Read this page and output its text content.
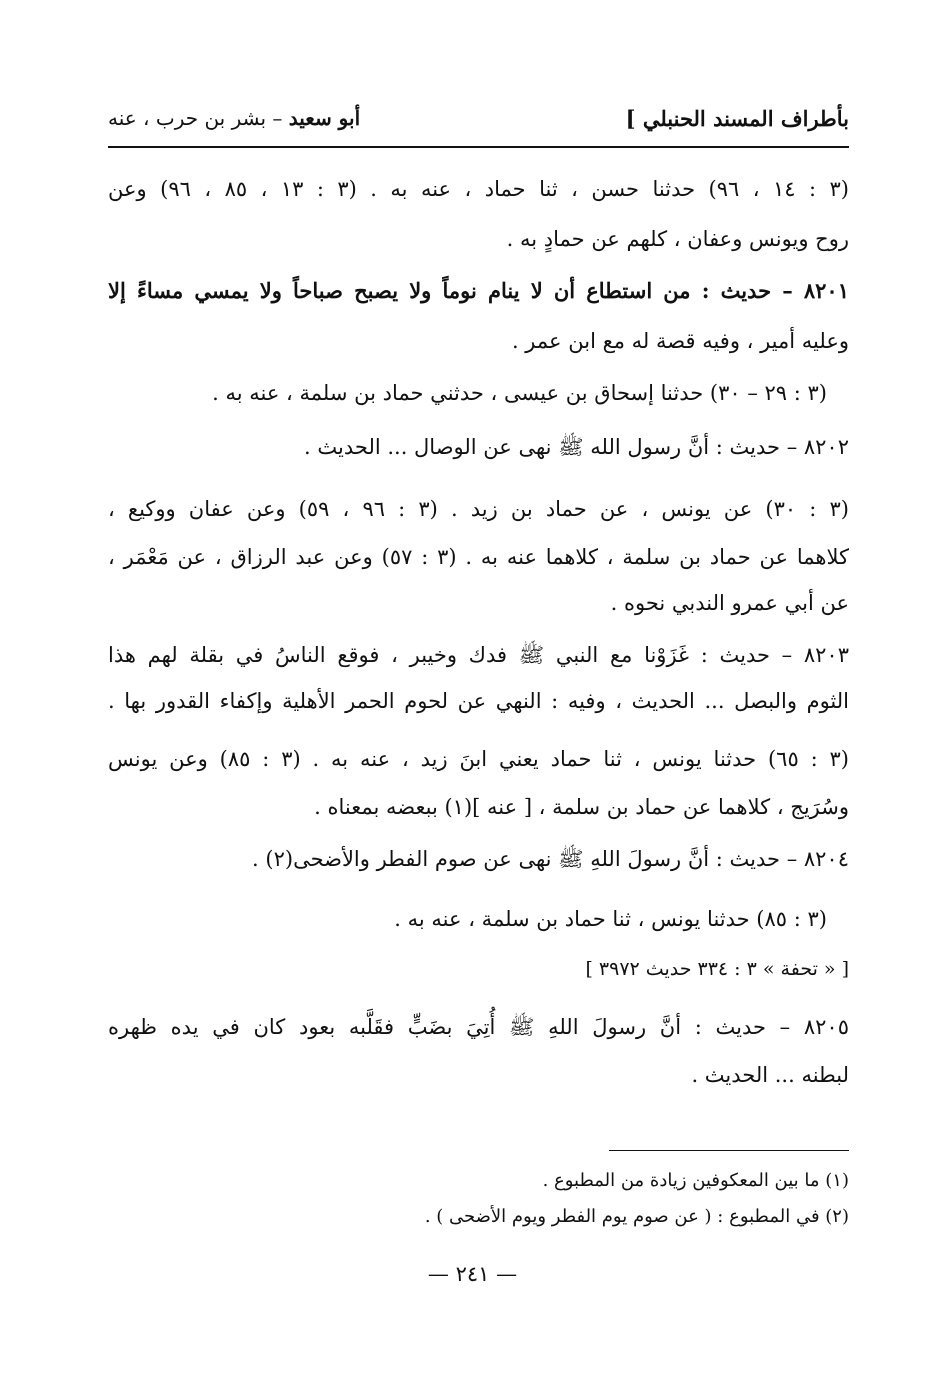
بأطراف المسند الحنبلي ]
أبو سعيد – بشر بن حرب ، عنه
(٣ : ١٤ ، ٩٦) حدثنا حسن ، ثنا حماد ، عنه به . (٣ : ١٣ ، ٨٥ ، ٩٦) وعن
روح ويونس وعفان ، كلهم عن حمادٍ به .
٨٢٠١ – حديث : من استطاع أن لا ينام نوماً ولا يصبح صباحاً ولا يمسي مساءً إلا
وعليه أمير ، وفيه قصة له مع ابن عمر .
(٣ : ٢٩ – ٣٠) حدثنا إسحاق بن عيسى ، حدثني حماد بن سلمة ، عنه به .
٨٢٠٢ – حديث : أنَّ رسول الله ﷺ نهى عن الوصال ... الحديث .
(٣ : ٣٠) عن يونس ، عن حماد بن زيد . (٣ : ٩٦ ، ٥٩) وعن عفان ووكيع ،
كلاهما عن حماد بن سلمة ، كلاهما عنه به . (٣ : ٥٧) وعن عبد الرزاق ، عن مَعْمَر ،
عن أبي عمرو الندبي نحوه .
٨٢٠٣ – حديث : غَزَوْنا مع النبي ﷺ فدك وخيبر ، فوقع الناسُ في بقلة لهم هذا
الثوم والبصل ... الحديث ، وفيه : النهي عن لحوم الحمر الأهلية وإكفاء القدور بها .
(٣ : ٦٥) حدثنا يونس ، ثنا حماد يعني ابنَ زيد ، عنه به . (٣ : ٨٥) وعن يونس
وسُرَيج ، كلاهما عن حماد بن سلمة ، [ عنه ](١) ببعضه بمعناه .
٨٢٠٤ – حديث : أنَّ رسولَ اللهِ ﷺ نهى عن صوم الفطر والأضحى(٢) .
(٣ : ٨٥) حدثنا يونس ، ثنا حماد بن سلمة ، عنه به .
[ « تحفة » ٣ : ٣٣٤ حديث ٣٩٧٢ ]
٨٢٠٥ – حديث : أنَّ رسولَ اللهِ ﷺ أُتِيَ بضَبٍّ فقَلَّبه بعود كان في يده ظهره
لبطنه ... الحديث .
(١) ما بين المعكوفين زيادة من المطبوع .
(٢) في المطبوع : ( عن صوم يوم الفطر ويوم الأضحى ) .
— ٢٤١ —
